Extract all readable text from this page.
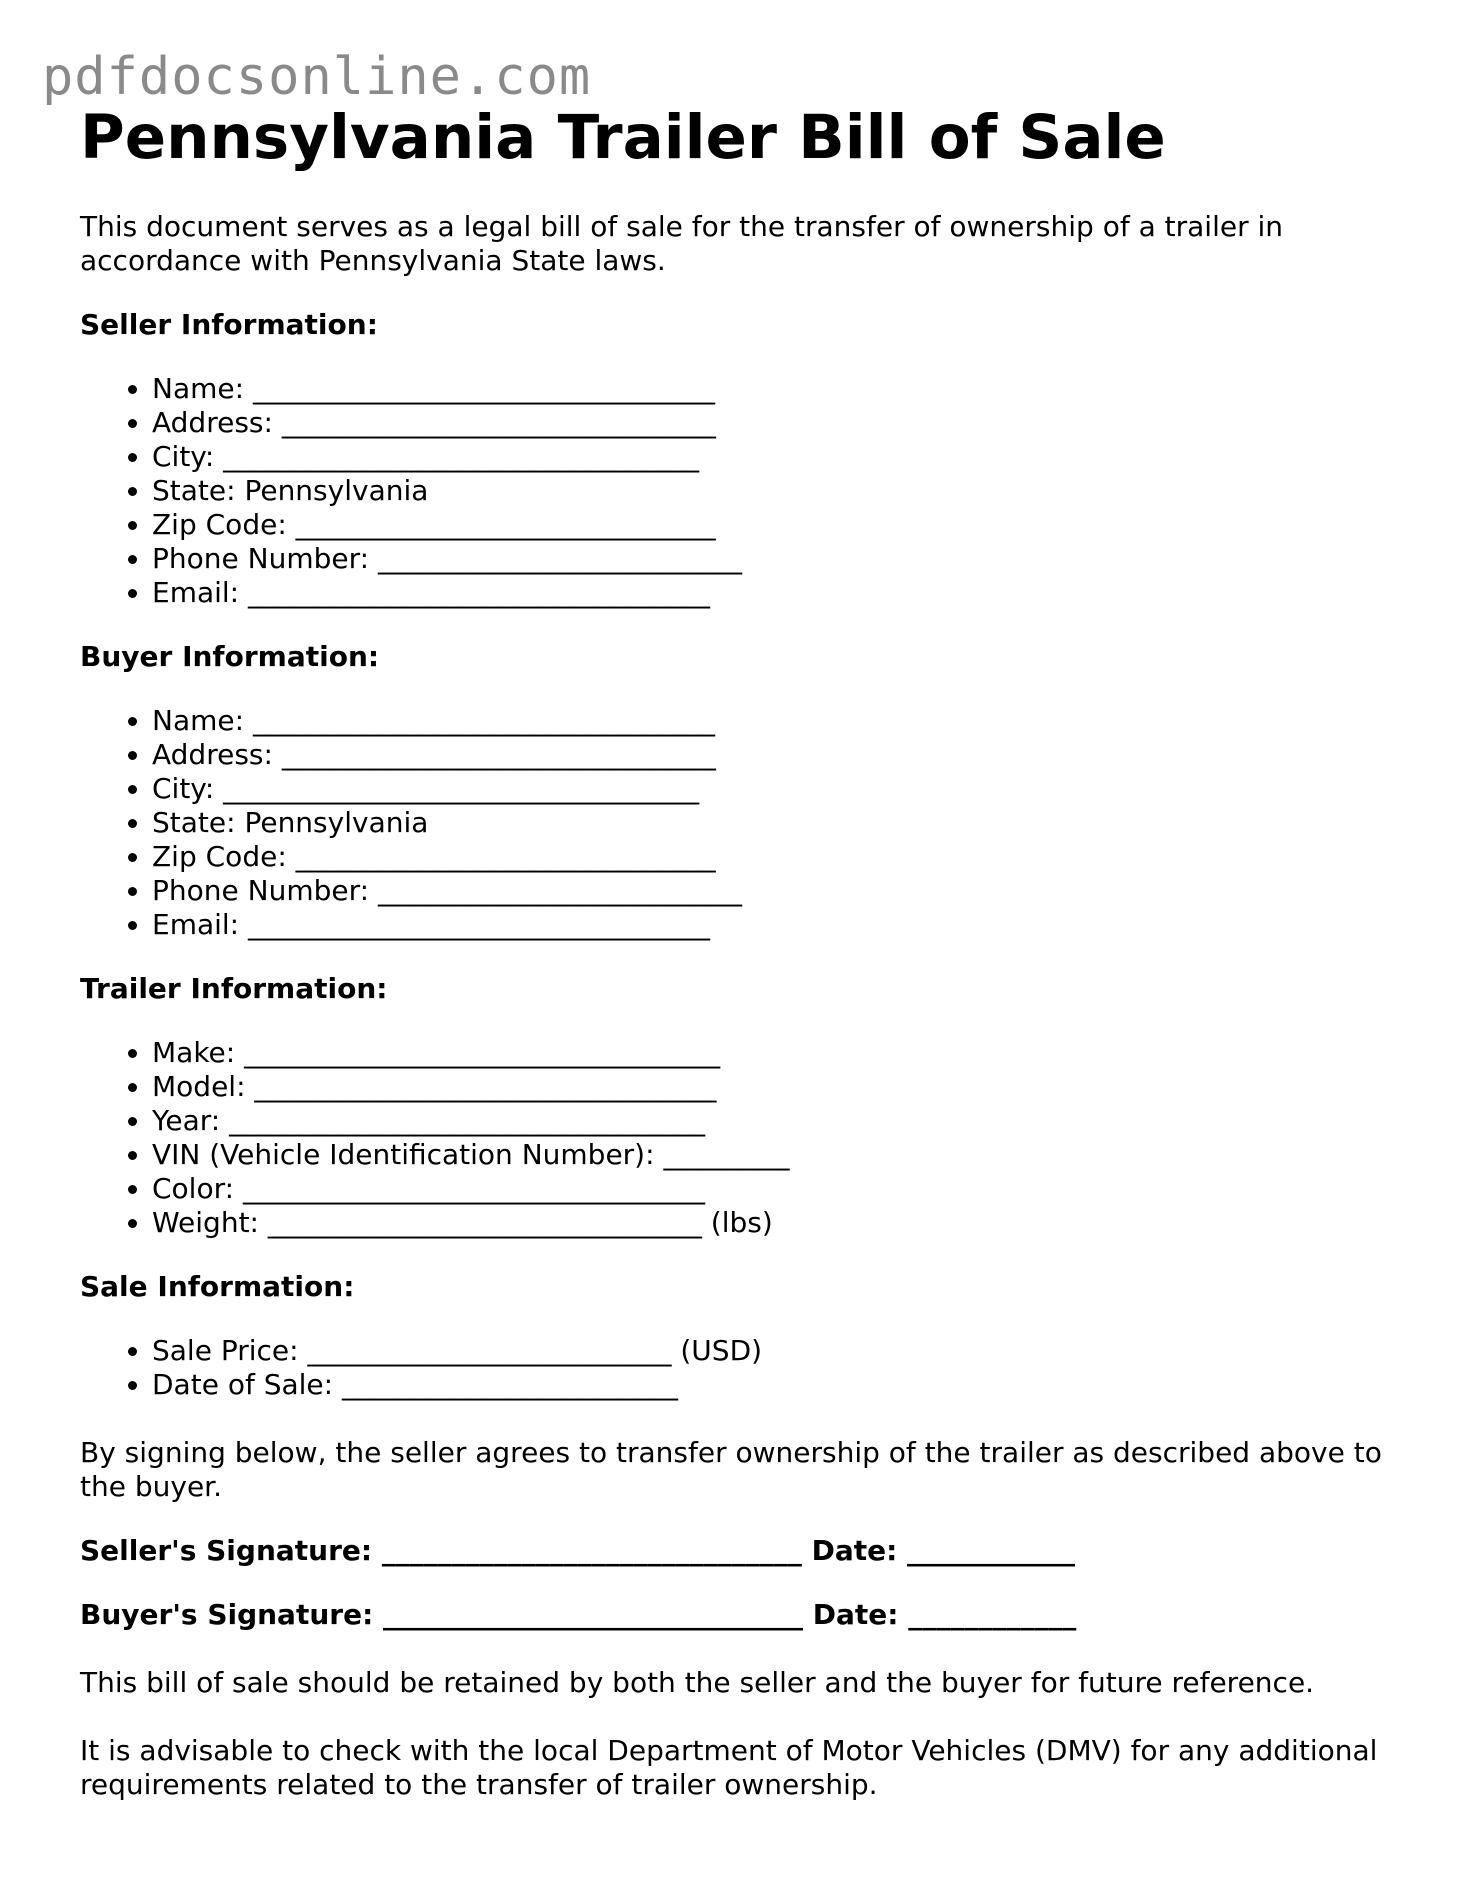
pdfdocsonline.com
Pennsylvania Trailer Bill of Sale

This document serves as a legal bill of sale for the transfer of ownership of a trailer in accordance with Pennsylvania State laws.

Seller Information:

• Name: _________________________________
• Address: _______________________________
• City: __________________________________
• State: Pennsylvania
• Zip Code: ______________________________
• Phone Number: __________________________
• Email: _________________________________

Buyer Information:

• Name: _________________________________
• Address: _______________________________
• City: __________________________________
• State: Pennsylvania
• Zip Code: ______________________________
• Phone Number: __________________________
• Email: _________________________________

Trailer Information:

• Make: __________________________________
• Model: _________________________________
• Year: __________________________________
• VIN (Vehicle Identification Number): _________
• Color: _________________________________
• Weight: _______________________________ (lbs)

Sale Information:

• Sale Price: __________________________ (USD)
• Date of Sale: ________________________

By signing below, the seller agrees to transfer ownership of the trailer as described above to the buyer.

Seller's Signature: ______________________________ Date: ____________

Buyer's Signature: ______________________________ Date: ____________

This bill of sale should be retained by both the seller and the buyer for future reference.

It is advisable to check with the local Department of Motor Vehicles (DMV) for any additional requirements related to the transfer of trailer ownership.
